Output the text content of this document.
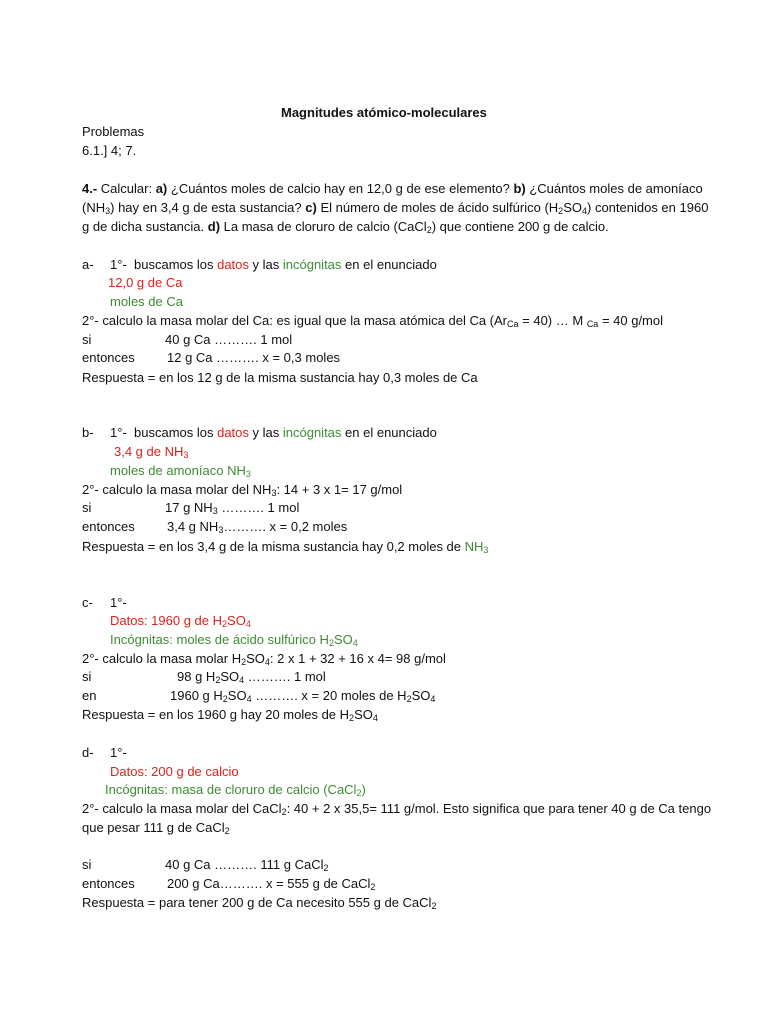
Magnitudes atómico-moleculares
Problemas
6.1.] 4; 7.
4.- Calcular: a) ¿Cuántos moles de calcio hay en 12,0 g de ese elemento? b) ¿Cuántos moles de amoníaco
$(NH_3)$ hay en 3,4 g de esta sustancia? c) El número de moles de ácido sulfúrico $(H_2SO_4)$ contenidos en 1960
g de dicha sustancia. d) La masa de cloruro de calcio (CaCl$_2$) que contiene 200 g de calcio.
a- 1°- buscamos los datos y las incógnitas en el enunciado
12,0 g de Ca
moles de Ca
2°- calculo la masa molar del Ca: es igual que la masa atómica del Ca $(Ar_{Ca} = 40)$ … M $_{Ca}$ = 40 g/mol
si	40 g Ca ………. 1 mol
entonces 12 g Ca ………. x = 0,3 moles
Respuesta = en los 12 g de la misma sustancia hay 0,3 moles de Ca
b- 1°- buscamos los datos y las incógnitas en el enunciado
3,4 g de $NH_3$
moles de amoníaco $NH_3$
2°- calculo la masa molar del $NH_3$: 14 + 3 x 1= 17 g/mol
si	17 g $NH_3$ ………. 1 mol
entonces 3,4 g $NH_3\dots\dots\dots$. x = 0,2 moles
Respuesta = en los 3,4 g de la misma sustancia hay 0,2 moles de $NH_3$
c- 1°-
Datos: 1960 g de $H_2SO_4$
Incógnitas: moles de ácido sulfúrico $H_2SO_4$
2°- calculo la masa molar $H_2SO_4$: 2 x 1 + 32 + 16 x 4= 98 g/mol
si	98 g $H_2SO_4$ ………. 1 mol
en	1960 g $H_2SO_4$ ………. x = 20 moles de $H_2SO_4$
Respuesta = en los 1960 g hay 20 moles de $H_2SO_4$
d- 1°-
Datos: 200 g de calcio
Incógnitas: masa de cloruro de calcio (CaCl$_2$)
2°- calculo la masa molar del CaCl$_2$: 40 + 2 x 35,5= 111 g/mol. Esto significa que para tener 40 g de Ca tengo
que pesar 111 g de CaCl$_2$
si	40 g Ca ………. 111 g CaCl$_2$
entonces 200 g Ca………. x = 555 g de CaCl$_2$
Respuesta = para tener 200 g de Ca necesito 555 g de CaCl$_2$
